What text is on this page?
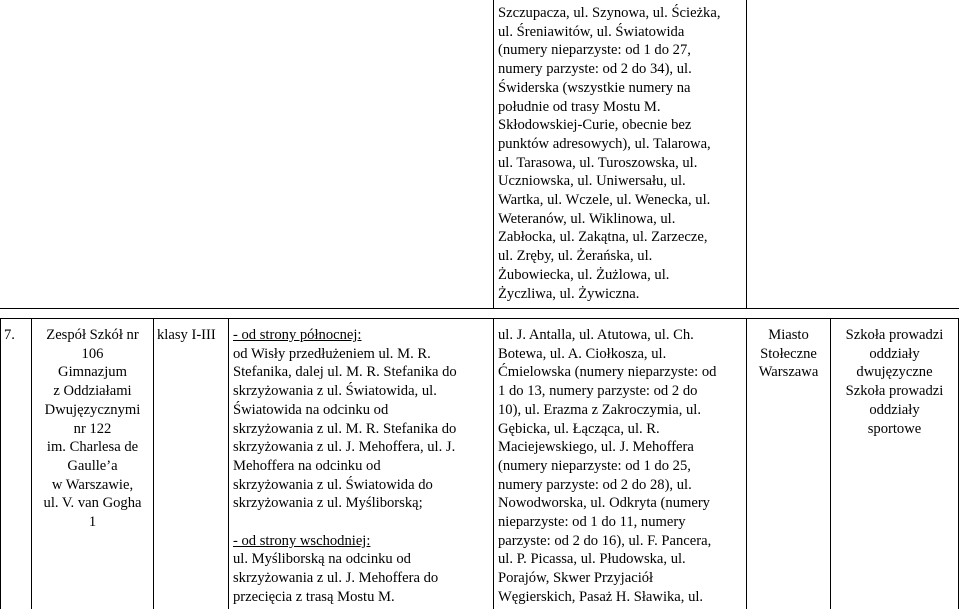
Szczupacza, ul. Szynowa, ul. Ścieżka,
ul. Śreniawitów, ul. Światowida
(numery nieparzyste: od 1 do 27,
numery parzyste: od 2 do 34), ul.
Świderska (wszystkie numery na
południe od trasy Mostu M.
Skłodowskiej-Curie, obecnie bez
punktów adresowych), ul. Talarowa,
ul. Tarasowa, ul. Turoszowska, ul.
Uczniowska, ul. Uniwersału, ul.
Wartka, ul. Wczele, ul. Wenecka, ul.
Weteranów, ul. Wiklinowa, ul.
Zabłocka, ul. Zakątna, ul. Zarzecze,
ul. Zręby, ul. Żerańska, ul.
Żubowiecka, ul. Żużlowa, ul.
Życzliwa, ul. Żywiczna.
7.	Zespół Szkół nr
106
Gimnazjum
z Oddziałami
Dwujęzycznymi
nr 122
im. Charlesa de
Gaulle’a
w Warszawie,
ul. V. van Gogha
1
klasy I-III	- od strony północnej:
od Wisły przedłużeniem ul. M. R.
Stefanika, dalej ul. M. R. Stefanika do
skrzyżowania z ul. Światowida, ul.
Światowida na odcinku od
skrzyżowania z ul. M. R. Stefanika do
skrzyżowania z ul. J. Mehoffera, ul. J.
Mehoffera na odcinku od
skrzyżowania z ul. Światowida do
skrzyżowania z ul. Myśliborską;

- od strony wschodniej:
ul. Myśliborską na odcinku od
skrzyżowania z ul. J. Mehoffera do
przecięcia z trasą Mostu M.
ul. J. Antalla, ul. Atutowa, ul. Ch.
Botewa, ul. A. Ciołkosza, ul.
Ćmielowska (numery nieparzyste: od
1 do 13, numery parzyste: od 2 do
10), ul. Erazma z Zakroczymia, ul.
Gębicka, ul. Łącząca, ul. R.
Maciejewskiego, ul. J. Mehoffera
(numery nieparzyste: od 1 do 25,
numery parzyste: od 2 do 28), ul.
Nowodworska, ul. Odkryta (numery
nieparzyste: od 1 do 11, numery
parzyste: od 2 do 16), ul. F. Pancera,
ul. P. Picassa, ul. Płudowska, ul.
Porajów, Skwer Przyjaciół
Węgierskich, Pasaż H. Sławika, ul.
Miasto
Stołeczne
Warszawa
Szkoła prowadzi
oddziały
dwujęzyczne
Szkoła prowadzi
oddziały
sportowe
